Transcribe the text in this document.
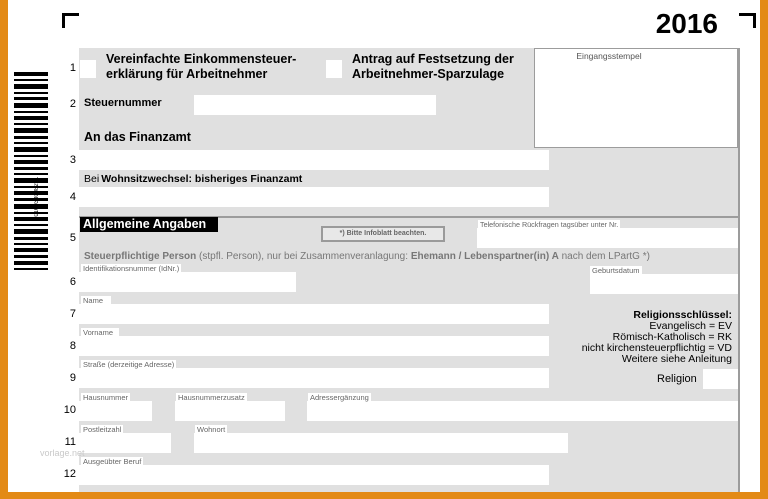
2016033008201
2016
1
2
3
4
5
6
7
8
9
10
11
12
Eingangsstempel
Vereinfachte Einkommensteuer-
erklärung für Arbeitnehmer
Antrag auf Festsetzung der
Arbeitnehmer-Sparzulage
Steuernummer
An das Finanzamt
Bei Wohnsitzwechsel: bisheriges Finanzamt
Allgemeine Angaben
*) Bitte Infoblatt beachten.
Telefonische Rückfragen tagsüber unter Nr.
Steuerpflichtige Person (stpfl. Person), nur bei Zusammenveranlagung: Ehemann / Lebenspartner(in) A nach dem LPartG *)
Identifikationsnummer (IdNr.)	Geburtsdatum
Name
Religionsschlüssel:
Evangelisch = EV
Römisch-Katholisch = RK
nicht kirchensteuerpflichtig = VD
Weitere siehe Anleitung
Vorname
Straße (derzeitige Adresse)
Religion
Hausnummer	Hausnummerzusatz	Adressergänzung
Postleitzahl	Wohnort
Ausgeübter Beruf
vorlage.net
